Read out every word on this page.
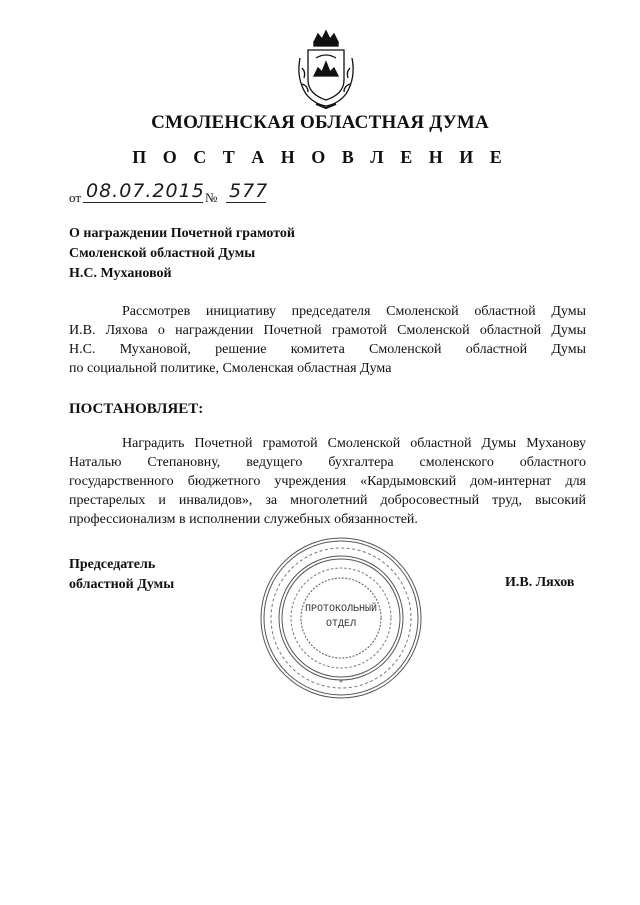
СМОЛЕНСКАЯ ОБЛАСТНАЯ ДУМА
П О С Т А Н О В Л Е Н И Е
от 08.07.2015 № 577
О награждении Почетной грамотой
Смоленской областной Думы
Н.С. Мухановой
Рассмотрев инициативу председателя Смоленской областной Думы
И.В. Ляхова о награждении Почетной грамотой Смоленской областной Думы
Н.С. Мухановой, решение комитета Смоленской областной Думы
по социальной политике, Смоленская областная Дума
ПОСТАНОВЛЯЕТ:
Наградить Почетной грамотой Смоленской областной Думы Муханову
Наталью Степановну, ведущего бухгалтера смоленского областного
государственного бюджетного учреждения «Кардымовский дом-интернат для
престарелых и инвалидов», за многолетний добросовестный труд, высокий
профессионализм в исполнении служебных обязанностей.
Председатель
областной Думы	И.В. Ляхов
*
ПРОТОКОЛЬНЫЙ
ОТДЕЛ
